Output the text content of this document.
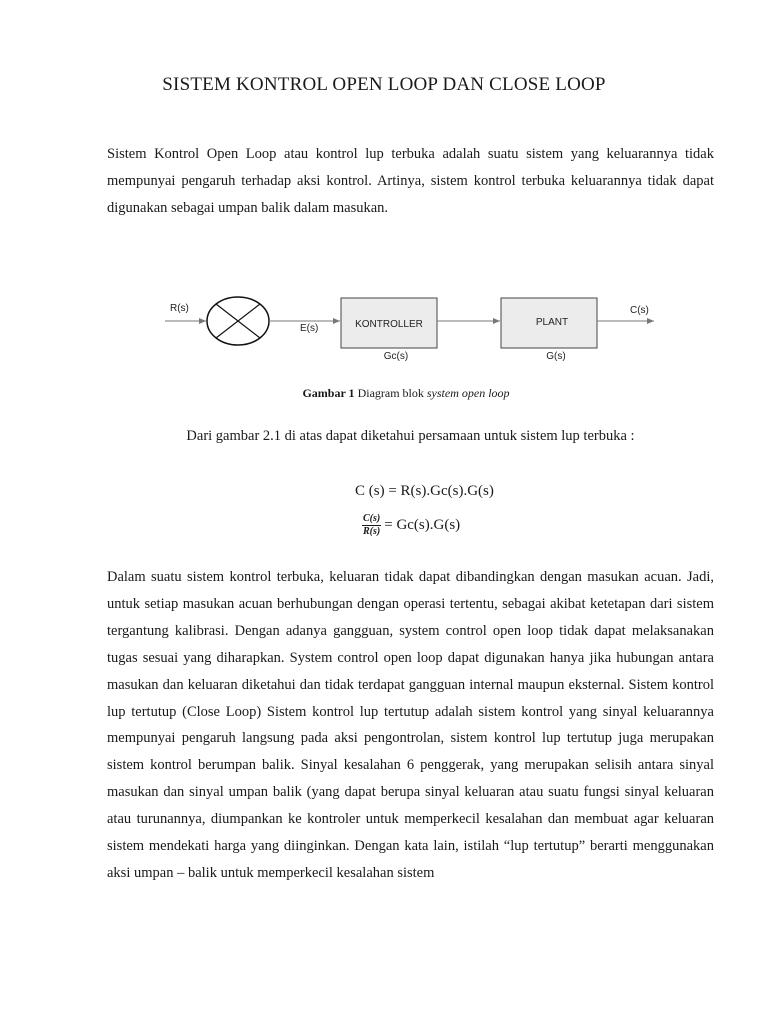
SISTEM KONTROL OPEN LOOP DAN CLOSE LOOP

Sistem Kontrol Open Loop atau kontrol lup terbuka adalah suatu sistem yang keluarannya tidak mempunyai pengaruh terhadap aksi kontrol. Artinya, sistem kontrol terbuka keluarannya tidak dapat digunakan sebagai umpan balik dalam masukan.

R(s)
E(s)	KONTROLLER
Gc(s)
PLANT
G(s)
C(s)
Gambar 1 Diagram blok system open loop
Dari gambar 2.1 di atas dapat diketahui persamaan untuk sistem lup terbuka :
C (s) = R(s).Gc(s).G(s)
$\frac{C(s)}{R(s)} = Gc(s).G(s)$

Dalam suatu sistem kontrol terbuka, keluaran tidak dapat dibandingkan dengan masukan acuan. Jadi, untuk setiap masukan acuan berhubungan dengan operasi tertentu, sebagai akibat ketetapan dari sistem tergantung kalibrasi. Dengan adanya gangguan, system control open loop tidak dapat melaksanakan tugas sesuai yang diharapkan. System control open loop dapat digunakan hanya jika hubungan antara masukan dan keluaran diketahui dan tidak terdapat gangguan internal maupun eksternal. Sistem kontrol lup tertutup (Close Loop) Sistem kontrol lup tertutup adalah sistem kontrol yang sinyal keluarannya mempunyai pengaruh langsung pada aksi pengontrolan, sistem kontrol lup tertutup juga merupakan sistem kontrol berumpan balik. Sinyal kesalahan 6 penggerak, yang merupakan selisih antara sinyal masukan dan sinyal umpan balik (yang dapat berupa sinyal keluaran atau suatu fungsi sinyal keluaran atau turunannya, diumpankan ke kontroler untuk memperkecil kesalahan dan membuat agar keluaran sistem mendekati harga yang diinginkan. Dengan kata lain, istilah “lup tertutup” berarti menggunakan aksi umpan – balik untuk memperkecil kesalahan sistem
